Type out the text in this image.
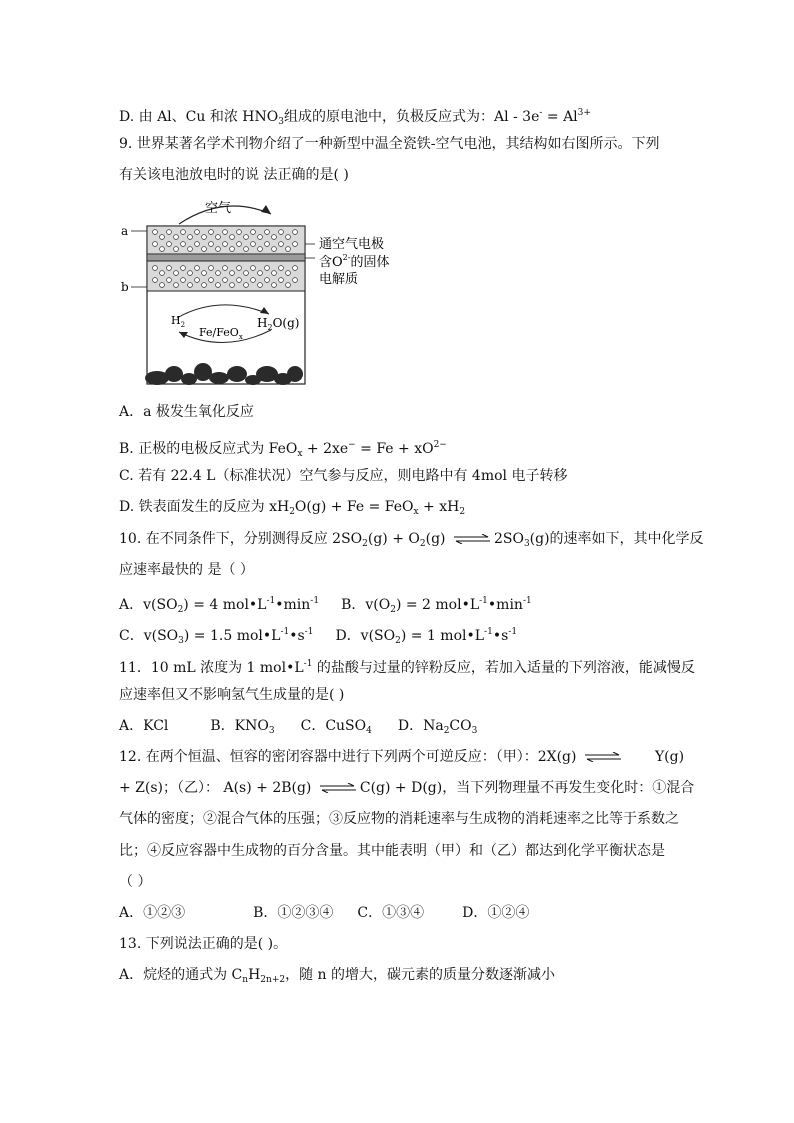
D. 由 Al、Cu 和浓 $HNO_3$组成的原电池中，负极反应式为：$Al - 3e^- = Al^{3+}$
9. 世界某著名学术刊物介绍了一种新型中温全瓷铁-空气电池，其结构如右图所示。下列
有关该电池放电时的说 法正确的是( )
空气
a
b
通空气电极
含$O^{2-}$的固体
电解质
$H_2$	$H_2O(g)$
Fe/FeO$_x$
A．a 极发生氧化反应
B. 正极的电极反应式为 $FeO_x + 2xe^- = Fe + xO^{2-}$
C. 若有 22.4 L（标准状况）空气参与反应，则电路中有 4mol 电子转移
D. 铁表面发生的反应为 $xH_2O(g) + Fe = FeO_x + xH_2$
10. 在不同条件下，分别测得反应 $2SO_2(g) + O_2(g)$ ⇌ $2SO_3(g)$的速率如下，其中化学反
应速率最快的 是（ ）
A．$v(SO_2) = 4$ $mol•L^{-1}•\min^{-1}$ B．$v(O_2) = 2$ $mol•L^{-1}•\min^{-1}$
C．$v(SO_3) = 1.5$ $mol•L^{-1}•s^{-1}$ D．$v(SO_2) = 1$ $mol•L^{-1}•s^{-1}$
11．10 mL 浓度为 1 $mol•L^{-1}$ 的盐酸与过量的锌粉反应，若加入适量的下列溶液，能减慢反
应速率但又不影响氢气生成量的是( )
A．KCl	B．$KNO_3$ C．CuSO$_4$ D．$Na_2CO_3$
12. 在两个恒温、恒容的密闭容器中进行下列两个可逆反应：（甲）：2X(g) ⇌ Y(g)
+ Z(s)；（乙）： A(s) + 2B(g) ⇌ C(g) + D(g)，当下列物理量不再发生变化时：①混合
气体的密度；②混合气体的压强；③反应物的消耗速率与生成物的消耗速率之比等于系数之
比；④反应容器中生成物的百分含量。其中能表明（甲）和（乙）都达到化学平衡状态是
（ ）
A．①②③	B．①②③④ C．①③④	D．①②④
13. 下列说法正确的是( )。
A．烷烃的通式为 $C_nH_{2n+2}$，随 n 的增大，碳元素的质量分数逐渐减小
